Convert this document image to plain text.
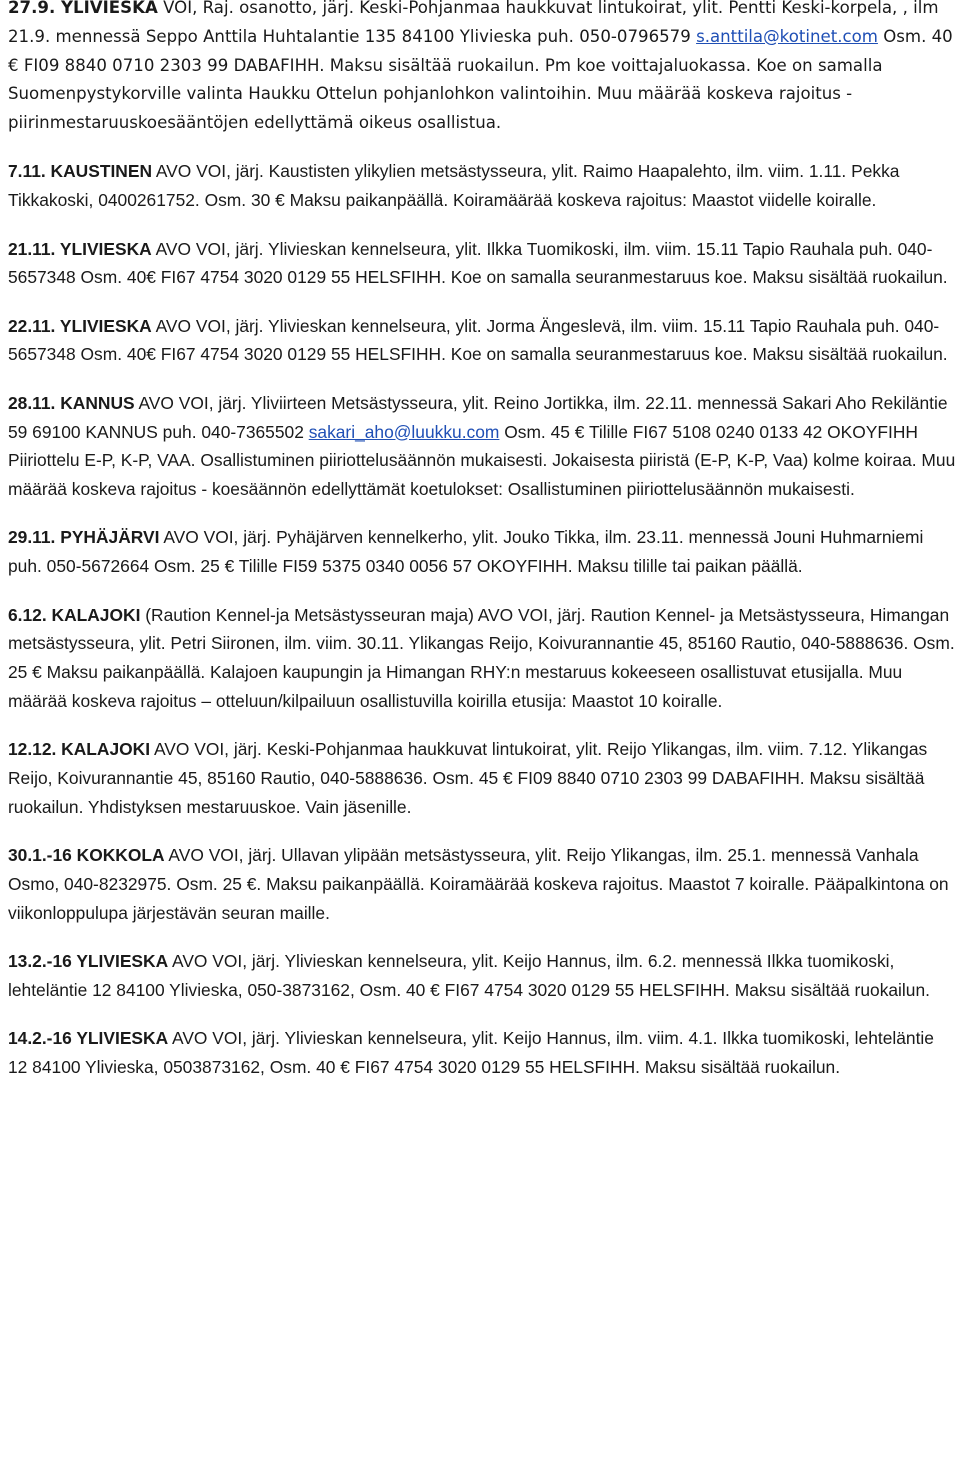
27.9. YLIVIESKA VOI, Raj. osanotto, järj. Keski-Pohjanmaa haukkuvat lintukoirat, ylit. Pentti Keski-korpela, , ilm 21.9. mennessä Seppo Anttila Huhtalantie 135 84100 Ylivieska puh. 050-0796579 s.anttila@kotinet.com Osm. 40 € FI09 8840 0710 2303 99 DABAFIHH. Maksu sisältää ruokailun. Pm koe voittajaluokassa. Koe on samalla Suomenpystykorville valinta Haukku Ottelun pohjanlohkon valintoihin. Muu määrää koskeva rajoitus - piirinmestaruuskoesääntöjen edellyttämä oikeus osallistua.

7.11. KAUSTINEN AVO VOI, järj. Kaustisten ylikylien metsästysseura, ylit. Raimo Haapalehto, ilm. viim. 1.11. Pekka Tikkakoski, 0400261752. Osm. 30 € Maksu paikanpäällä. Koiramäärää koskeva rajoitus: Maastot viidelle koiralle.

21.11. YLIVIESKA AVO VOI, järj. Ylivieskan kennelseura, ylit. Ilkka Tuomikoski, ilm. viim. 15.11 Tapio Rauhala puh. 040-5657348 Osm. 40€ FI67 4754 3020 0129 55 HELSFIHH. Koe on samalla seuranmestaruus koe. Maksu sisältää ruokailun.

22.11. YLIVIESKA AVO VOI, järj. Ylivieskan kennelseura, ylit. Jorma Ängeslevä, ilm. viim. 15.11 Tapio Rauhala puh. 040-5657348 Osm. 40€ FI67 4754 3020 0129 55 HELSFIHH. Koe on samalla seuranmestaruus koe. Maksu sisältää ruokailun.

28.11. KANNUS AVO VOI, järj. Yliviirteen Metsästysseura, ylit. Reino Jortikka, ilm. 22.11. mennessä Sakari Aho Rekiläntie 59 69100 KANNUS puh. 040-7365502 sakari_aho@luukku.com Osm. 45 € Tilille FI67 5108 0240 0133 42 OKOYFIHH Piiriottelu E-P, K-P, VAA. Osallistuminen piiriottelusäännön mukaisesti. Jokaisesta piiristä (E-P, K-P, Vaa) kolme koiraa. Muu määrää koskeva rajoitus - koesäännön edellyttämät koetulokset: Osallistuminen piiriottelusäännön mukaisesti.

29.11. PYHÄJÄRVI AVO VOI, järj. Pyhäjärven kennelkerho, ylit. Jouko Tikka, ilm. 23.11. mennessä Jouni Huhmarniemi puh. 050-5672664 Osm. 25 € Tilille FI59 5375 0340 0056 57 OKOYFIHH. Maksu tilille tai paikan päällä.

6.12. KALAJOKI (Raution Kennel-ja Metsästysseuran maja) AVO VOI, järj. Raution Kennel- ja Metsästysseura, Himangan metsästysseura, ylit. Petri Siironen, ilm. viim. 30.11. Ylikangas Reijo, Koivurannantie 45, 85160 Rautio, 040-5888636. Osm. 25 € Maksu paikanpäällä. Kalajoen kaupungin ja Himangan RHY:n mestaruus kokeeseen osallistuvat etusijalla. Muu määrää koskeva rajoitus – otteluun/kilpailuun osallistuvilla koirilla etusija: Maastot 10 koiralle.

12.12. KALAJOKI AVO VOI, järj. Keski-Pohjanmaa haukkuvat lintukoirat, ylit. Reijo Ylikangas, ilm. viim. 7.12. Ylikangas Reijo, Koivurannantie 45, 85160 Rautio, 040-5888636. Osm. 45 € FI09 8840 0710 2303 99 DABAFIHH. Maksu sisältää ruokailun. Yhdistyksen mestaruuskoe. Vain jäsenille.

30.1.-16 KOKKOLA AVO VOI, järj. Ullavan ylipään metsästysseura, ylit. Reijo Ylikangas, ilm. 25.1. mennessä Vanhala Osmo, 040-8232975. Osm. 25 €. Maksu paikanpäällä. Koiramäärää koskeva rajoitus. Maastot 7 koiralle. Pääpalkintona on viikonloppulupa järjestävän seuran maille.

13.2.-16 YLIVIESKA AVO VOI, järj. Ylivieskan kennelseura, ylit. Keijo Hannus, ilm. 6.2. mennessä Ilkka tuomikoski, lehteläntie 12 84100 Ylivieska, 050-3873162, Osm. 40 € FI67 4754 3020 0129 55 HELSFIHH. Maksu sisältää ruokailun.

14.2.-16 YLIVIESKA AVO VOI, järj. Ylivieskan kennelseura, ylit. Keijo Hannus, ilm. viim. 4.1. Ilkka tuomikoski, lehteläntie 12 84100 Ylivieska, 0503873162, Osm. 40 € FI67 4754 3020 0129 55 HELSFIHH. Maksu sisältää ruokailun.
